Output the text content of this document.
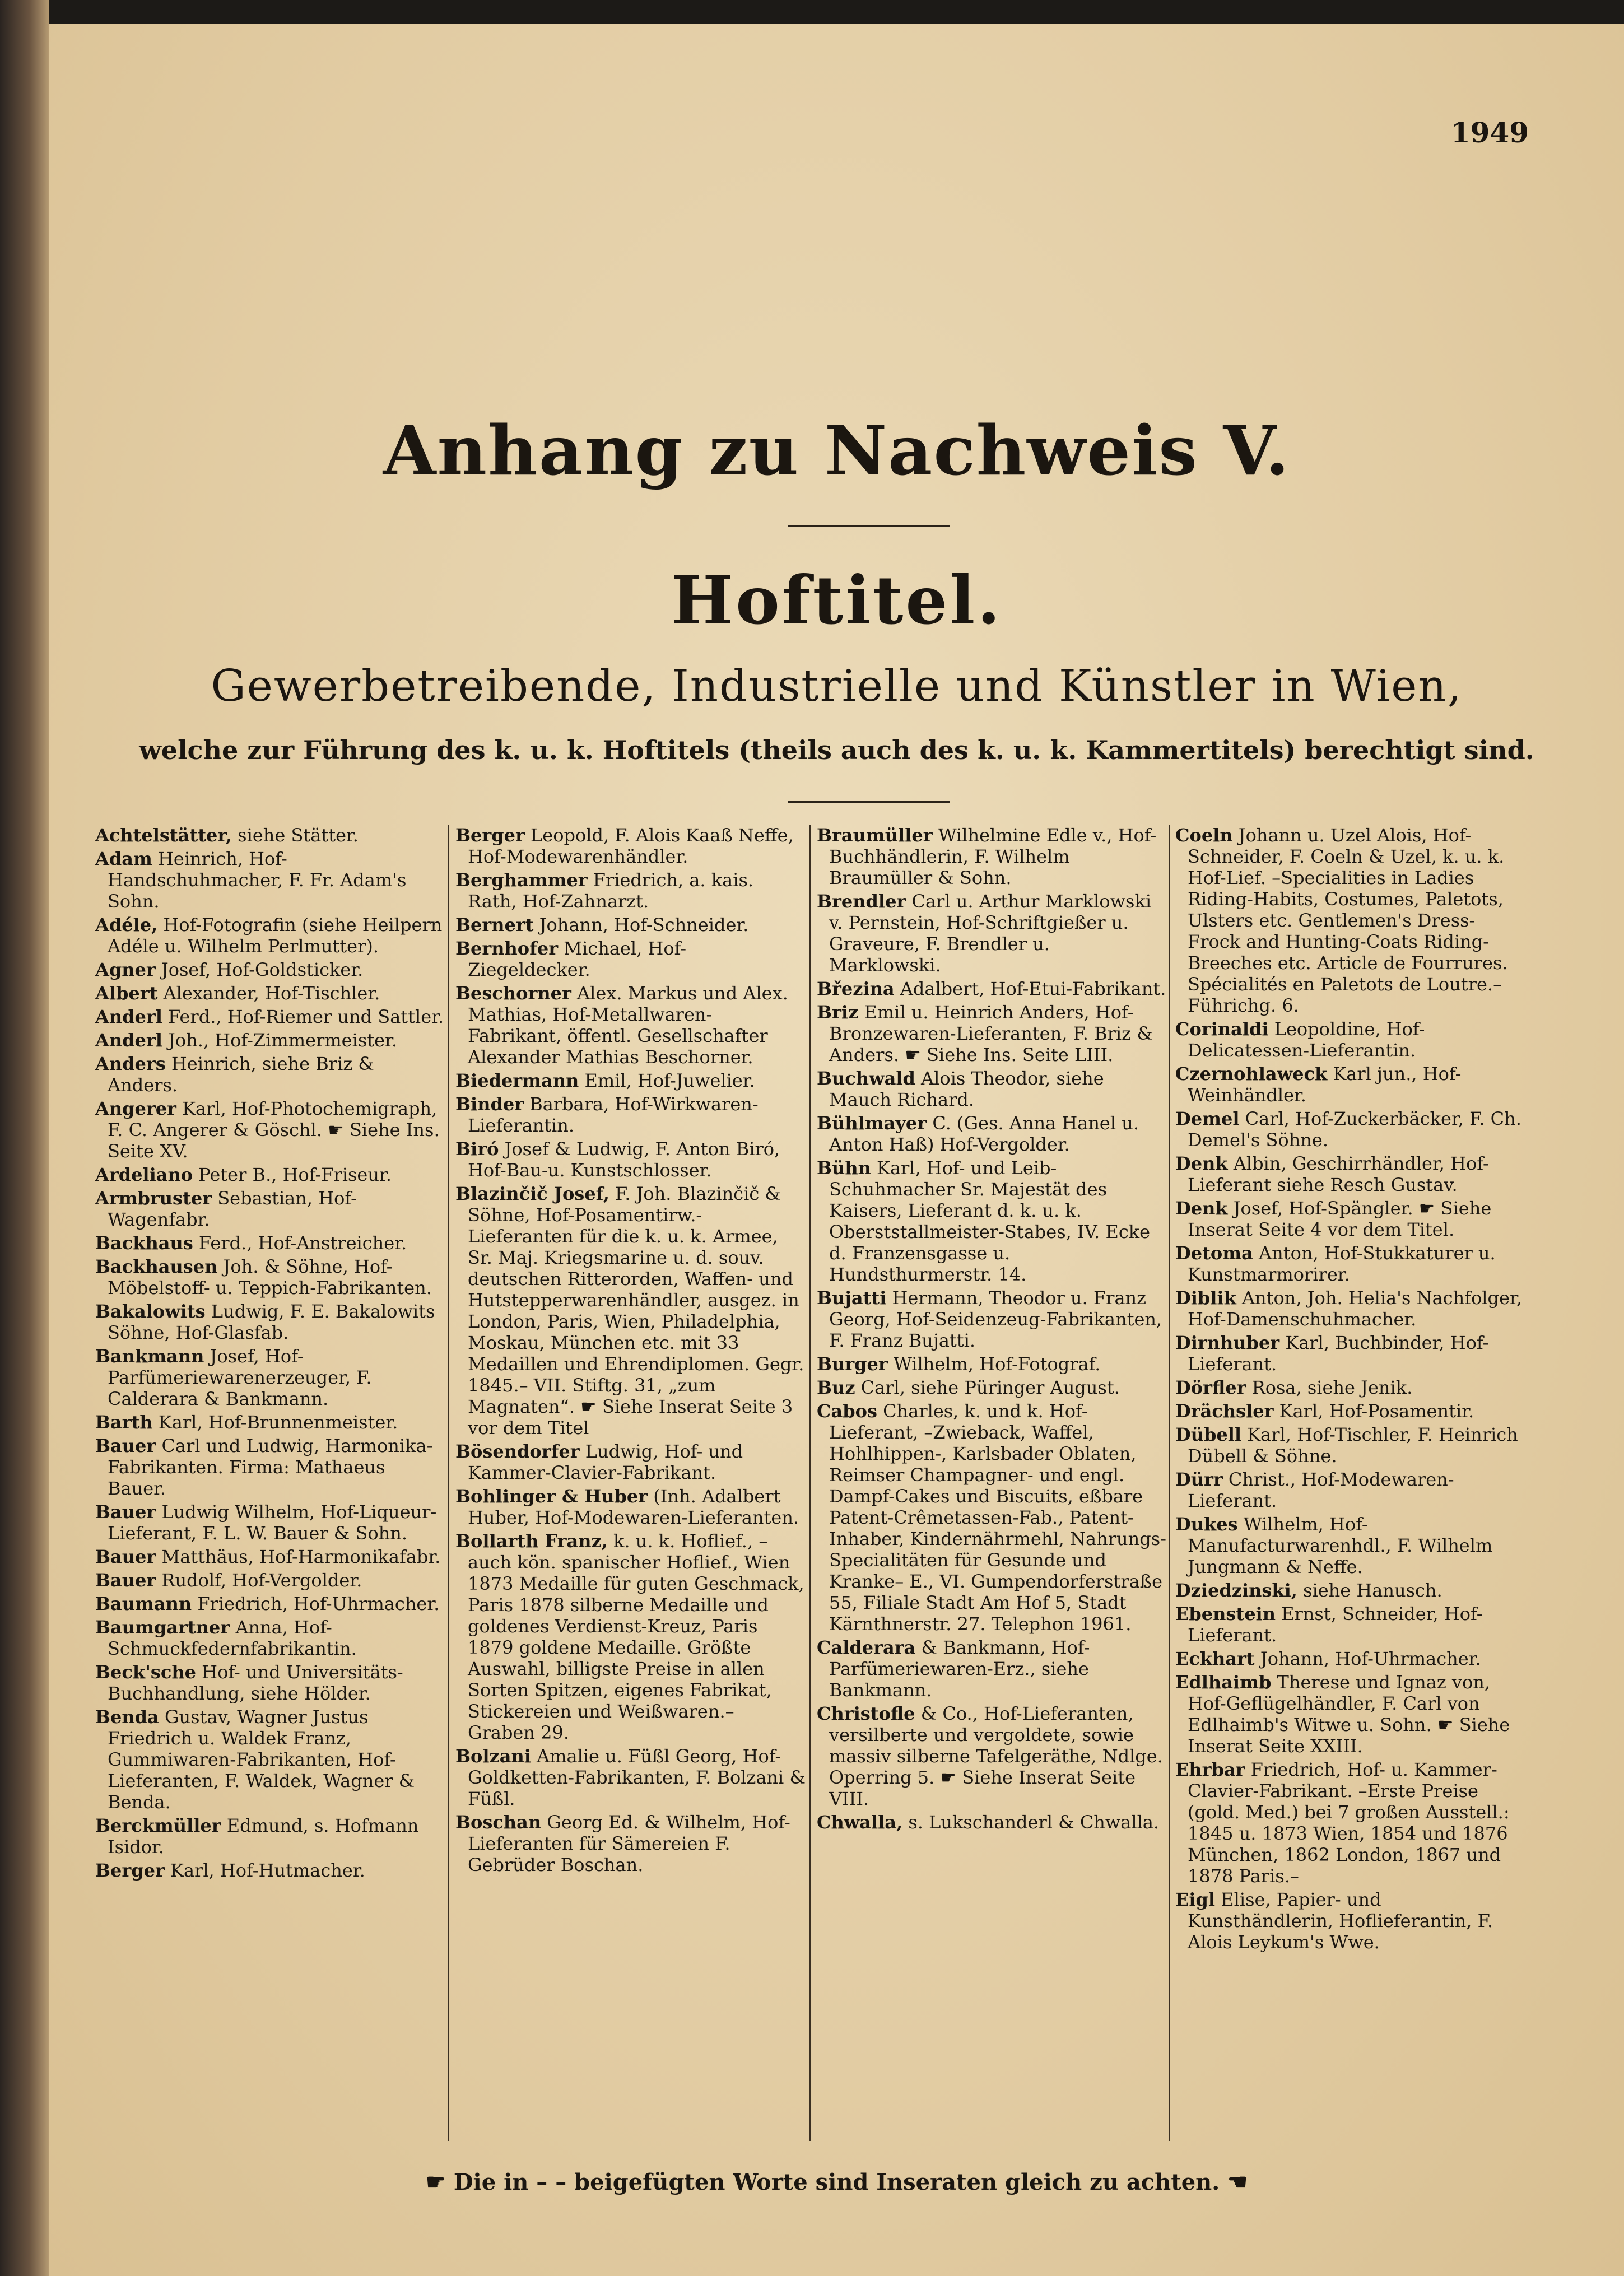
1949
Anhang zu Nachweis V.
Hoftitel.
Gewerbetreibende, Industrielle und Künstler in Wien,
welche zur Führung des k. u. k. Hoftitels (theils auch des k. u. k. Kammertitels) berechtigt sind.
Achtelstätter, siehe Stätter.
Adam Heinrich, Hof-Handschuhmacher, F. Fr. Adam's Sohn.
Adéle, Hof-Fotografin (siehe Heilpern Adéle u. Wilhelm Perlmutter).
Agner Josef, Hof-Goldsticker.
Albert Alexander, Hof-Tischler.
Anderl Ferd., Hof-Riemer und Sattler.
Anderl Joh., Hof-Zimmermeister.
Anders Heinrich, siehe Briz & Anders.
Angerer Karl, Hof-Photochemigraph, F. C. Angerer & Göschl. ☛ Siehe Ins. Seite XV.
Ardeliano Peter B., Hof-Friseur.
Armbruster Sebastian, Hof-Wagenfabr.
Backhaus Ferd., Hof-Anstreicher.
Backhausen Joh. & Söhne, Hof-Möbelstoff- u. Teppich-Fabrikanten.
Bakalowits Ludwig, F. E. Bakalowits Söhne, Hof-Glasfab.
Bankmann Josef, Hof-Parfümeriewarenerzeuger, F. Calderara & Bankmann.
Barth Karl, Hof-Brunnenmeister.
Bauer Carl und Ludwig, Harmonika-Fabrikanten. Firma: Mathaeus Bauer.
Bauer Ludwig Wilhelm, Hof-Liqueur-Lieferant, F. L. W. Bauer & Sohn.
Bauer Matthäus, Hof-Harmonikafabr.
Bauer Rudolf, Hof-Vergolder.
Baumann Friedrich, Hof-Uhrmacher.
Baumgartner Anna, Hof-Schmuckfedernfabrikantin.
Beck'sche Hof- und Universitäts-Buchhandlung, siehe Hölder.
Benda Gustav, Wagner Justus Friedrich u. Waldek Franz, Gummiwaren-Fabrikanten, Hof-Lieferanten, F. Waldek, Wagner & Benda.
Berckmüller Edmund, s. Hofmann Isidor.
Berger Karl, Hof-Hutmacher.
Berger Leopold, F. Alois Kaaß Neffe, Hof-Modewarenhändler.
Berghammer Friedrich, a. kais. Rath, Hof-Zahnarzt.
Bernert Johann, Hof-Schneider.
Bernhofer Michael, Hof-Ziegeldecker.
Beschorner Alex. Markus und Alex. Mathias, Hof-Metallwaren-Fabrikant, öffentl. Gesellschafter Alexander Mathias Beschorner.
Biedermann Emil, Hof-Juwelier.
Binder Barbara, Hof-Wirkwaren-Lieferantin.
Biró Josef & Ludwig, F. Anton Biró, Hof-Bau-u. Kunstschlosser.
Blazinčič Josef, F. Joh. Blazinčič & Söhne, Hof-Posamentirw.-Lieferanten für die k. u. k. Armee, Sr. Maj. Kriegsmarine u. d. souv. deutschen Ritterorden, Waffen- und Hutstepperwarenhändler, ausgez. in London, Paris, Wien, Philadelphia, Moskau, München etc. mit 33 Medaillen und Ehrendiplomen. Gegr. 1845.– VII. Stiftg. 31, „zum Magnaten“. ☛ Siehe Inserat Seite 3 vor dem Titel
Bösendorfer Ludwig, Hof- und Kammer-Clavier-Fabrikant.
Bohlinger & Huber (Inh. Adalbert Huber, Hof-Modewaren-Lieferanten.
Bollarth Franz, k. u. k. Hoflief., –auch kön. spanischer Hoflief., Wien 1873 Medaille für guten Geschmack, Paris 1878 silberne Medaille und goldenes Verdienst-Kreuz, Paris 1879 goldene Medaille. Größte Auswahl, billigste Preise in allen Sorten Spitzen, eigenes Fabrikat, Stickereien und Weißwaren.– Graben 29.
Bolzani Amalie u. Füßl Georg, Hof-Goldketten-Fabrikanten, F. Bolzani & Füßl.
Boschan Georg Ed. & Wilhelm, Hof-Lieferanten für Sämereien F. Gebrüder Boschan.
Braumüller Wilhelmine Edle v., Hof-Buchhändlerin, F. Wilhelm Braumüller & Sohn.
Brendler Carl u. Arthur Marklowski v. Pernstein, Hof-Schriftgießer u. Graveure, F. Brendler u. Marklowski.
Březina Adalbert, Hof-Etui-Fabrikant.
Briz Emil u. Heinrich Anders, Hof-Bronzewaren-Lieferanten, F. Briz & Anders. ☛ Siehe Ins. Seite LIII.
Buchwald Alois Theodor, siehe Mauch Richard.
Bühlmayer C. (Ges. Anna Hanel u. Anton Haß) Hof-Vergolder.
Bühn Karl, Hof- und Leib-Schuhmacher Sr. Majestät des Kaisers, Lieferant d. k. u. k. Oberststallmeister-Stabes, IV. Ecke d. Franzensgasse u. Hundsthurmerstr. 14.
Bujatti Hermann, Theodor u. Franz Georg, Hof-Seidenzeug-Fabrikanten, F. Franz Bujatti.
Burger Wilhelm, Hof-Fotograf.
Buz Carl, siehe Püringer August.
Cabos Charles, k. und k. Hof-Lieferant, –Zwieback, Waffel, Hohlhippen-, Karlsbader Oblaten, Reimser Champagner- und engl. Dampf-Cakes und Biscuits, eßbare Patent-Crêmetassen-Fab., Patent-Inhaber, Kindernährmehl, Nahrungs-Specialitäten für Gesunde und Kranke– E., VI. Gumpendorferstraße 55, Filiale Stadt Am Hof 5, Stadt Kärnthnerstr. 27. Telephon 1961.
Calderara & Bankmann, Hof-Parfümeriewaren-Erz., siehe Bankmann.
Christofle & Co., Hof-Lieferanten, versilberte und vergoldete, sowie massiv silberne Tafelgeräthe, Ndlge. Operring 5. ☛ Siehe Inserat Seite VIII.
Chwalla, s. Lukschanderl & Chwalla.
Coeln Johann u. Uzel Alois, Hof-Schneider, F. Coeln & Uzel, k. u. k. Hof-Lief. –Specialities in Ladies Riding-Habits, Costumes, Paletots, Ulsters etc. Gentlemen's Dress-Frock and Hunting-Coats Riding-Breeches etc. Article de Fourrures. Spécialités en Paletots de Loutre.– Führichg. 6.
Corinaldi Leopoldine, Hof-Delicatessen-Lieferantin.
Czernohlaweck Karl jun., Hof-Weinhändler.
Demel Carl, Hof-Zuckerbäcker, F. Ch. Demel's Söhne.
Denk Albin, Geschirrhändler, Hof-Lieferant siehe Resch Gustav.
Denk Josef, Hof-Spängler. ☛ Siehe Inserat Seite 4 vor dem Titel.
Detoma Anton, Hof-Stukkaturer u. Kunstmarmorirer.
Diblik Anton, Joh. Helia's Nachfolger, Hof-Damenschuhmacher.
Dirnhuber Karl, Buchbinder, Hof-Lieferant.
Dörfler Rosa, siehe Jenik.
Drächsler Karl, Hof-Posamentir.
Dübell Karl, Hof-Tischler, F. Heinrich Dübell & Söhne.
Dürr Christ., Hof-Modewaren-Lieferant.
Dukes Wilhelm, Hof-Manufacturwarenhdl., F. Wilhelm Jungmann & Neffe.
Dziedzinski, siehe Hanusch.
Ebenstein Ernst, Schneider, Hof-Lieferant.
Eckhart Johann, Hof-Uhrmacher.
Edlhaimb Therese und Ignaz von, Hof-Geflügelhändler, F. Carl von Edlhaimb's Witwe u. Sohn. ☛ Siehe Inserat Seite XXIII.
Ehrbar Friedrich, Hof- u. Kammer-Clavier-Fabrikant. –Erste Preise (gold. Med.) bei 7 großen Ausstell.: 1845 u. 1873 Wien, 1854 und 1876 München, 1862 London, 1867 und 1878 Paris.–
Eigl Elise, Papier- und Kunsthändlerin, Hoflieferantin, F. Alois Leykum's Wwe.
☛ Die in – – beigefügten Worte sind Inseraten gleich zu achten. ☚
